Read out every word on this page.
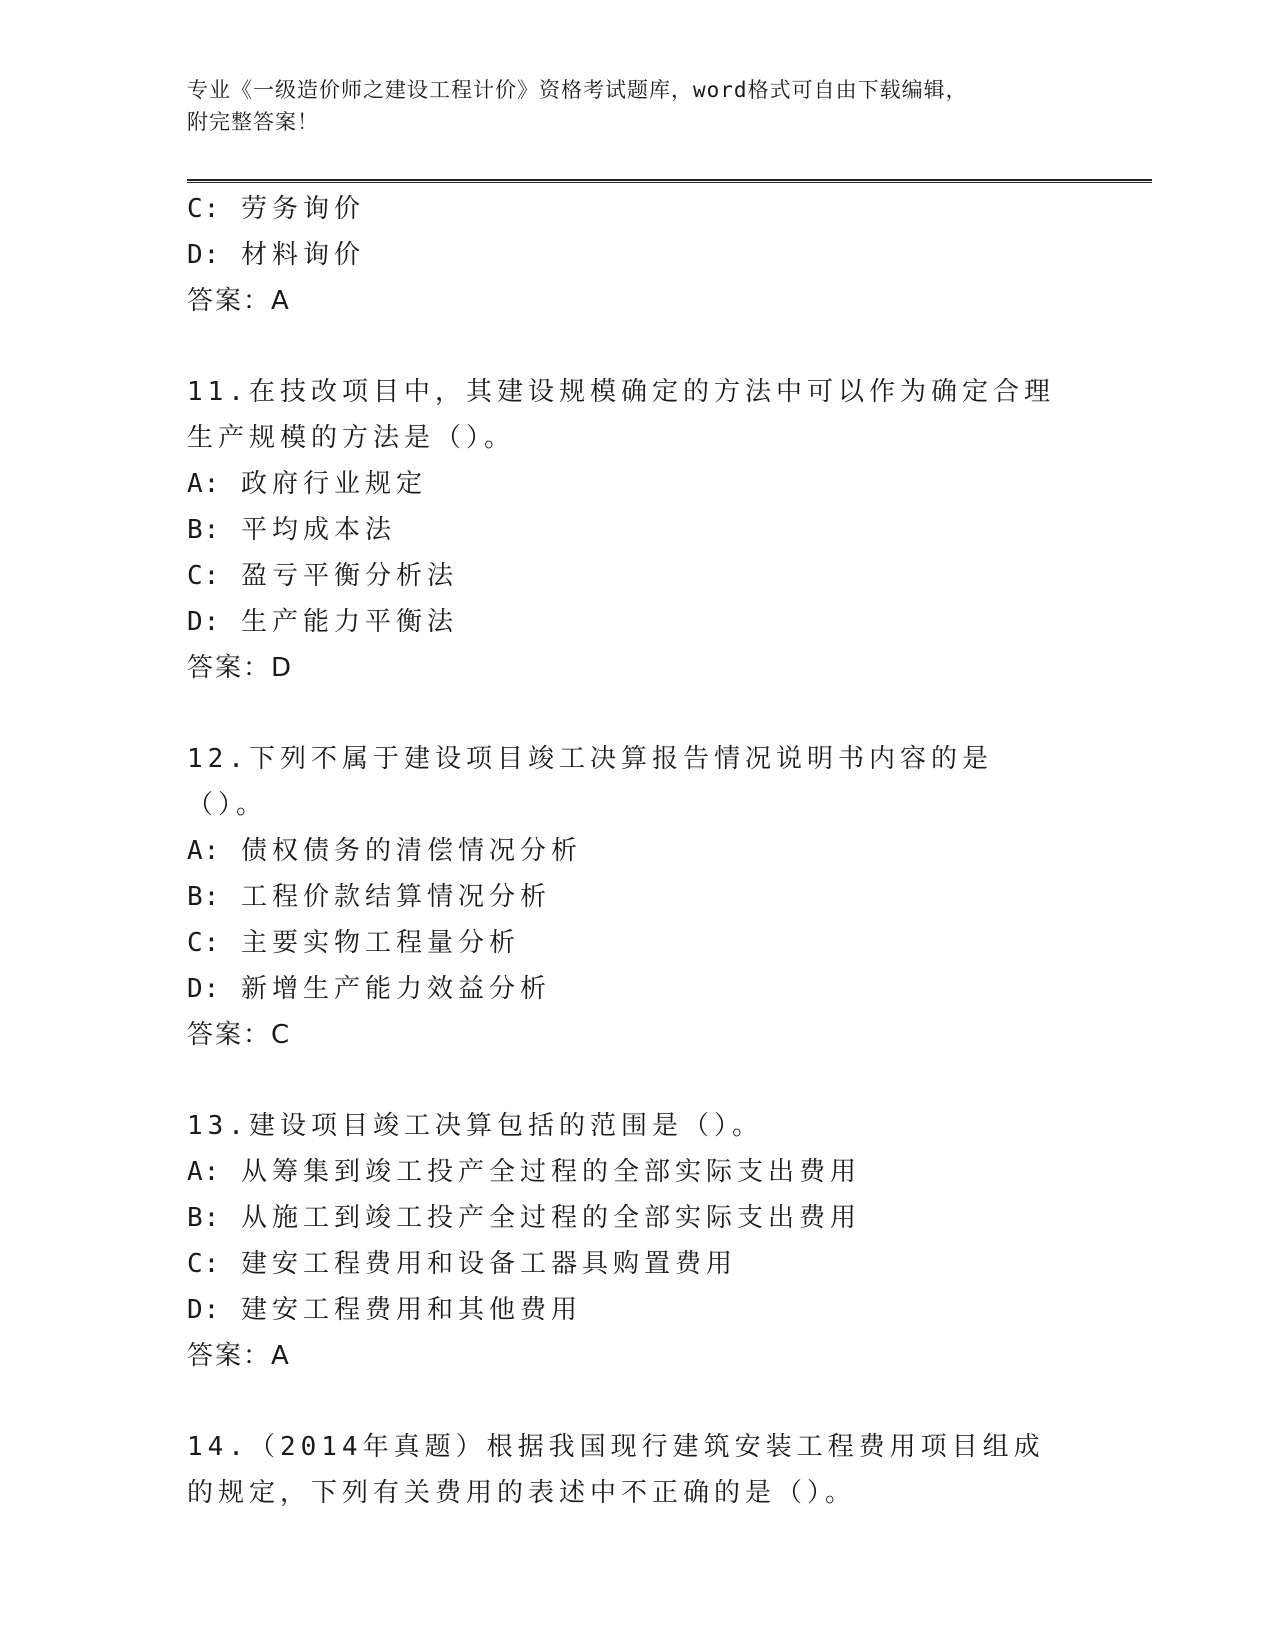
专业《一级造价师之建设工程计价》资格考试题库，word格式可自由下载编辑，
附完整答案！
C: 劳务询价
D: 材料询价
答案：A
11.在技改项目中，其建设规模确定的方法中可以作为确定合理生产规模的方法是（）。
A: 政府行业规定
B: 平均成本法
C: 盈亏平衡分析法
D: 生产能力平衡法
答案：D
12.下列不属于建设项目竣工决算报告情况说明书内容的是（）。
A: 债权债务的清偿情况分析
B: 工程价款结算情况分析
C: 主要实物工程量分析
D: 新增生产能力效益分析
答案：C
13.建设项目竣工决算包括的范围是（）。
A: 从筹集到竣工投产全过程的全部实际支出费用
B: 从施工到竣工投产全过程的全部实际支出费用
C: 建安工程费用和设备工器具购置费用
D: 建安工程费用和其他费用
答案：A
14.（2014年真题）根据我国现行建筑安装工程费用项目组成的规定，下列有关费用的表述中不正确的是（）。
